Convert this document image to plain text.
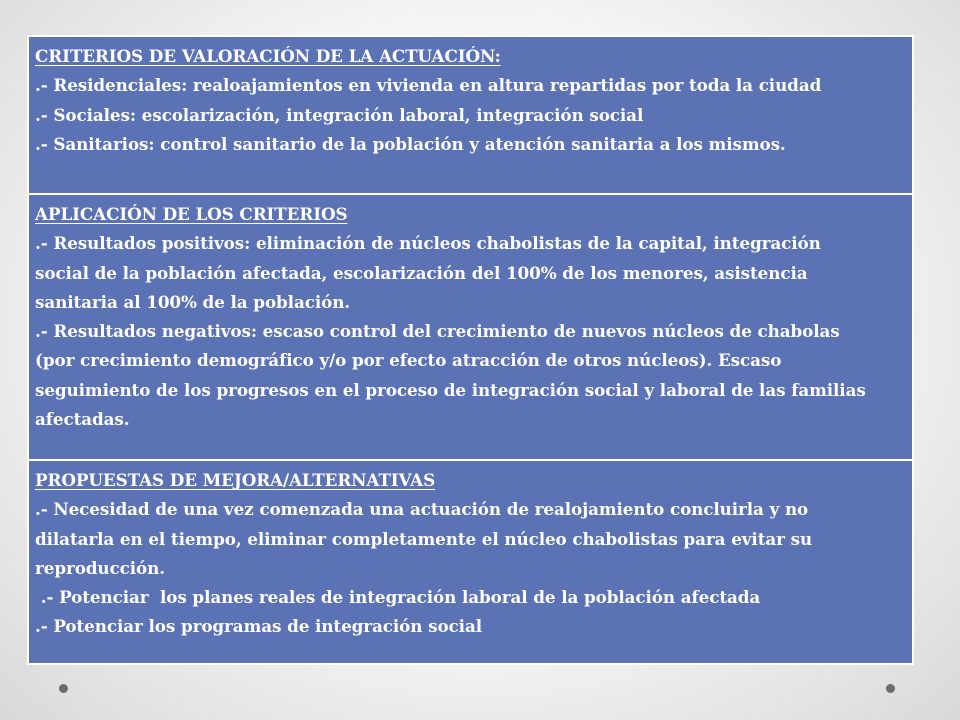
CRITERIOS DE VALORACIÓN DE LA ACTUACIÓN:
.- Residenciales: realoajamientos en vivienda en altura repartidas por toda la ciudad
.- Sociales: escolarización, integración laboral, integración social
.- Sanitarios: control sanitario de la población y atención sanitaria a los mismos.
APLICACIÓN DE LOS CRITERIOS
.- Resultados positivos: eliminación de núcleos chabolistas de la capital, integración
social de la población afectada, escolarización del 100% de los menores, asistencia
sanitaria al 100% de la población.
.- Resultados negativos: escaso control del crecimiento de nuevos núcleos de chabolas
(por crecimiento demográfico y/o por efecto atracción de otros núcleos). Escaso
seguimiento de los progresos en el proceso de integración social y laboral de las familias
afectadas.
PROPUESTAS DE MEJORA/ALTERNATIVAS
.- Necesidad de una vez comenzada una actuación de realojamiento concluirla y no
dilatarla en el tiempo, eliminar completamente el núcleo chabolistas para evitar su
reproducción.
.- Potenciar  los planes reales de integración laboral de la población afectada
.- Potenciar los programas de integración social
